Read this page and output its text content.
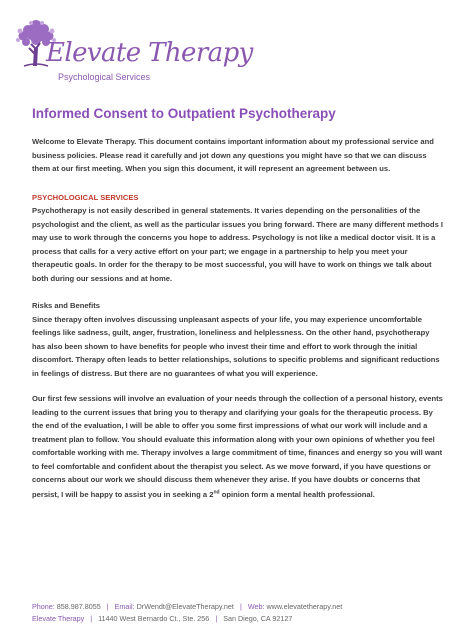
Elevate Therapy
Psychological Services
Informed Consent to Outpatient Psychotherapy

Welcome to Elevate Therapy. This document contains important information about my professional service and business policies. Please read it carefully and jot down any questions you might have so that we can discuss them at our first meeting. When you sign this document, it will represent an agreement between us.

PSYCHOLOGICAL SERVICES

Psychotherapy is not easily described in general statements. It varies depending on the personalities of the psychologist and the client, as well as the particular issues you bring forward. There are many different methods I may use to work through the concerns you hope to address. Psychology is not like a medical doctor visit. It is a process that calls for a very active effort on your part; we engage in a partnership to help you meet your therapeutic goals. In order for the therapy to be most successful, you will have to work on things we talk about both during our sessions and at home.

Risks and Benefits

Since therapy often involves discussing unpleasant aspects of your life, you may experience uncomfortable feelings like sadness, guilt, anger, frustration, loneliness and helplessness. On the other hand, psychotherapy has also been shown to have benefits for people who invest their time and effort to work through the initial discomfort. Therapy often leads to better relationships, solutions to specific problems and significant reductions in feelings of distress. But there are no guarantees of what you will experience.

Our first few sessions will involve an evaluation of your needs through the collection of a personal history, events leading to the current issues that bring you to therapy and clarifying your goals for the therapeutic process. By the end of the evaluation, I will be able to offer you some first impressions of what our work will include and a treatment plan to follow. You should evaluate this information along with your own opinions of whether you feel comfortable working with me. Therapy involves a large commitment of time, finances and energy so you will want to feel comfortable and confident about the therapist you select. As we move forward, if you have questions or concerns about our work we should discuss them whenever they arise. If you have doubts or concerns that persist, I will be happy to assist you in seeking a 2nd opinion form a mental health professional.

Phone: 858.987.8055 | Email: DrWendt@ElevateTherapy.net | Web: www.elevatetherapy.net
Elevate Therapy | 11440 West Bernardo Ct., Ste. 256 | San Diego, CA 92127
